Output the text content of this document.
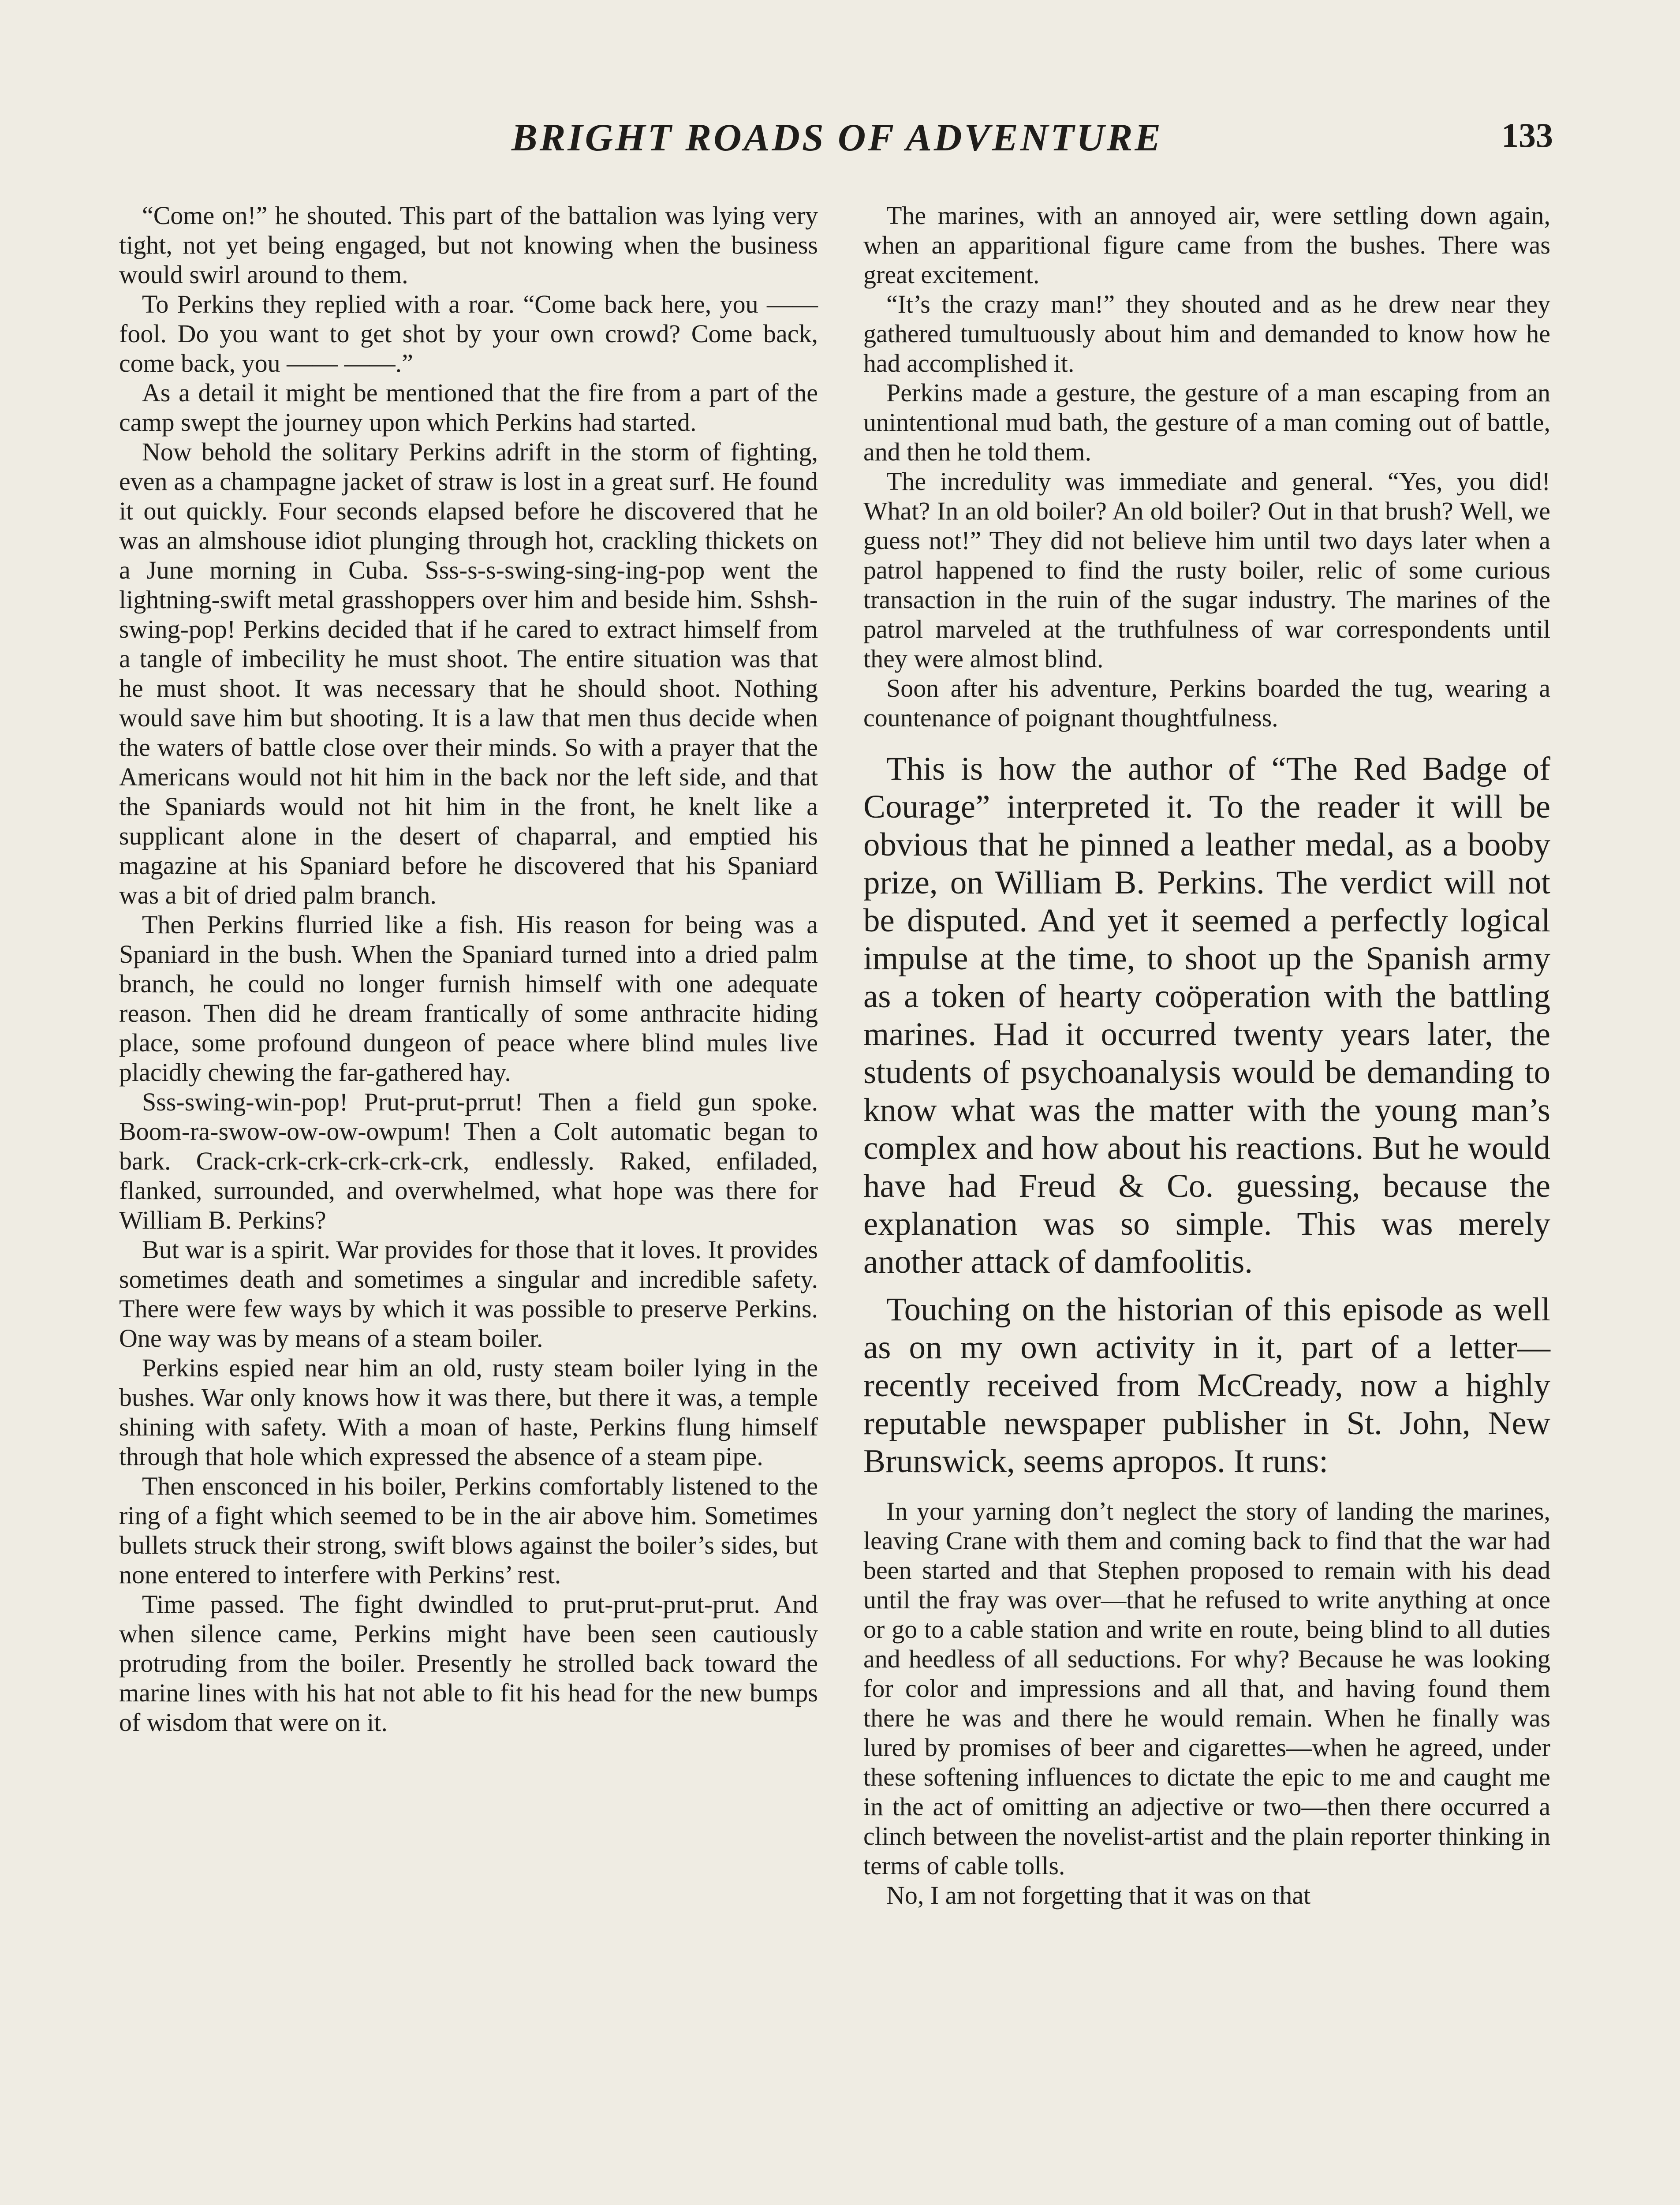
BRIGHT ROADS OF ADVENTURE	133

“Come on!” he shouted. This part of the battalion was lying very tight, not yet being engaged, but not knowing when the business would swirl around to them.

To Perkins they replied with a roar. “Come back here, you —— fool. Do you want to get shot by your own crowd? Come back, come back, you —— ——.”

As a detail it might be mentioned that the fire from a part of the camp swept the journey upon which Perkins had started.

Now behold the solitary Perkins adrift in the storm of fighting, even as a champagne jacket of straw is lost in a great surf. He found it out quickly. Four seconds elapsed before he discovered that he was an almshouse idiot plunging through hot, crackling thickets on a June morning in Cuba. Sss-s-s-swing-sing-ing-pop went the lightning-swift metal grasshoppers over him and beside him. Sshsh-swing-pop! Perkins decided that if he cared to extract himself from a tangle of imbecility he must shoot. The entire situation was that he must shoot. It was necessary that he should shoot. Nothing would save him but shooting. It is a law that men thus decide when the waters of battle close over their minds. So with a prayer that the Americans would not hit him in the back nor the left side, and that the Spaniards would not hit him in the front, he knelt like a supplicant alone in the desert of chaparral, and emptied his magazine at his Spaniard before he discovered that his Spaniard was a bit of dried palm branch.

Then Perkins flurried like a fish. His reason for being was a Spaniard in the bush. When the Spaniard turned into a dried palm branch, he could no longer furnish himself with one adequate reason. Then did he dream frantically of some anthracite hiding place, some profound dungeon of peace where blind mules live placidly chewing the far-gathered hay.

Sss-swing-win-pop! Prut-prut-prrut! Then a field gun spoke. Boom-ra-swow-ow-ow-owpum! Then a Colt automatic began to bark. Crack-crk-crk-crk-crk-crk, endlessly. Raked, enfiladed, flanked, surrounded, and overwhelmed, what hope was there for William B. Perkins?

But war is a spirit. War provides for those that it loves. It provides sometimes death and sometimes a singular and incredible safety. There were few ways by which it was possible to preserve Perkins. One way was by means of a steam boiler.

Perkins espied near him an old, rusty steam boiler lying in the bushes. War only knows how it was there, but there it was, a temple shining with safety. With a moan of haste, Perkins flung himself through that hole which expressed the absence of a steam pipe.

Then ensconced in his boiler, Perkins comfortably listened to the ring of a fight which seemed to be in the air above him. Sometimes bullets struck their strong, swift blows against the boiler’s sides, but none entered to interfere with Perkins’ rest.

Time passed. The fight dwindled to prut-prut-prut-prut. And when silence came, Perkins might have been seen cautiously protruding from the boiler. Presently he strolled back toward the marine lines with his hat not able to fit his head for the new bumps of wisdom that were on it.

The marines, with an annoyed air, were settling down again, when an apparitional figure came from the bushes. There was great excitement.

“It’s the crazy man!” they shouted and as he drew near they gathered tumultuously about him and demanded to know how he had accomplished it.

Perkins made a gesture, the gesture of a man escaping from an unintentional mud bath, the gesture of a man coming out of battle, and then he told them.

The incredulity was immediate and general. “Yes, you did! What? In an old boiler? An old boiler? Out in that brush? Well, we guess not!” They did not believe him until two days later when a patrol happened to find the rusty boiler, relic of some curious transaction in the ruin of the sugar industry. The marines of the patrol marveled at the truthfulness of war correspondents until they were almost blind.

Soon after his adventure, Perkins boarded the tug, wearing a countenance of poignant thoughtfulness.

This is how the author of “The Red Badge of Courage” interpreted it. To the reader it will be obvious that he pinned a leather medal, as a booby prize, on William B. Perkins. The verdict will not be disputed. And yet it seemed a perfectly logical impulse at the time, to shoot up the Spanish army as a token of hearty coöperation with the battling marines. Had it occurred twenty years later, the students of psychoanalysis would be demanding to know what was the matter with the young man’s complex and how about his reactions. But he would have had Freud & Co. guessing, because the explanation was so simple. This was merely another attack of damfoolitis.

Touching on the historian of this episode as well as on my own activity in it, part of a letter—recently received from McCready, now a highly reputable newspaper publisher in St. John, New Brunswick, seems apropos. It runs:

In your yarning don’t neglect the story of landing the marines, leaving Crane with them and coming back to find that the war had been started and that Stephen proposed to remain with his dead until the fray was over—that he refused to write anything at once or go to a cable station and write en route, being blind to all duties and heedless of all seductions. For why? Because he was looking for color and impressions and all that, and having found them there he was and there he would remain. When he finally was lured by promises of beer and cigarettes—when he agreed, under these softening influences to dictate the epic to me and caught me in the act of omitting an adjective or two—then there occurred a clinch between the novelist-artist and the plain reporter thinking in terms of cable tolls.

No, I am not forgetting that it was on that
